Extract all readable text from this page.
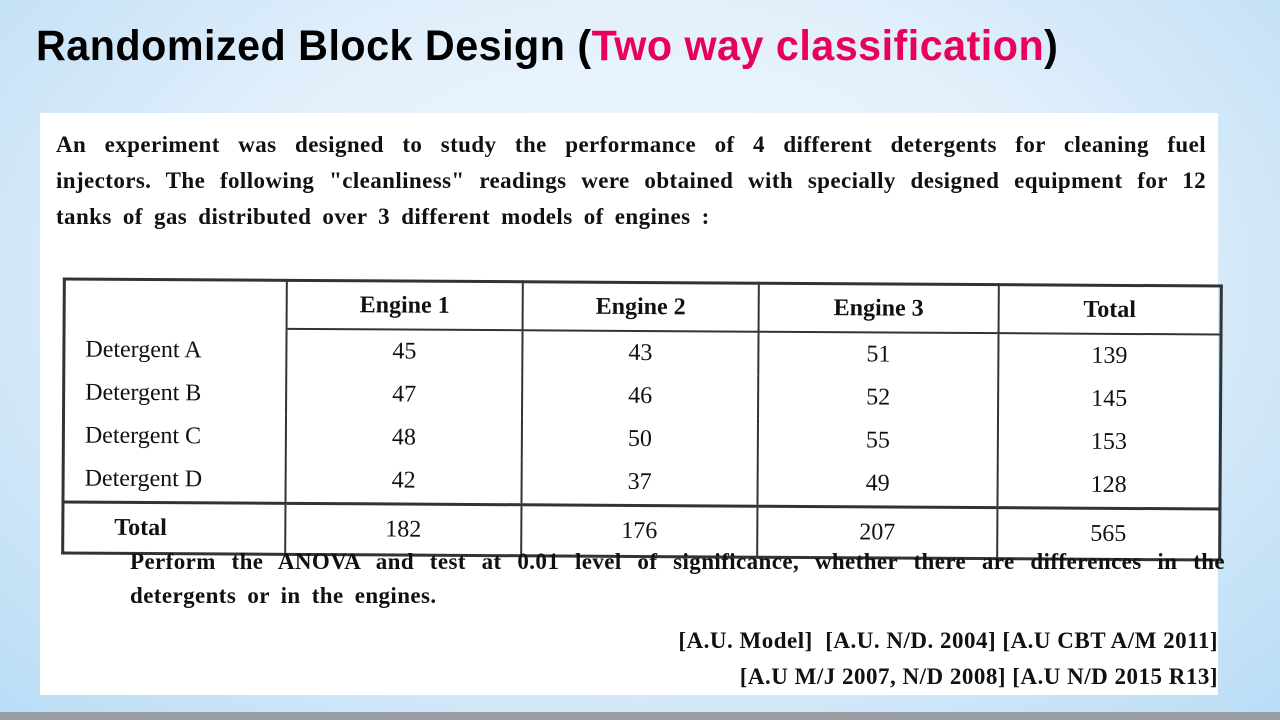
Randomized Block Design (Two way classification)
An experiment was designed to study the performance of 4 different detergents for cleaning fuel injectors. The following "cleanliness" readings were obtained with specially designed equipment for 12 tanks of gas distributed over 3 different models of engines :
	Engine 1	Engine 2	Engine 3	Total
Detergent A	45	43	51	139
Detergent B	47	46	52	145
Detergent C	48	50	55	153
Detergent D	42	37	49	128
Total	182	176	207	565
Perform the ANOVA and test at 0.01 level of significance, whether there are differences in the detergents or in the engines.
[A.U. Model]  [A.U. N/D. 2004] [A.U CBT A/M 2011]
[A.U M/J 2007, N/D 2008] [A.U N/D 2015 R13]
